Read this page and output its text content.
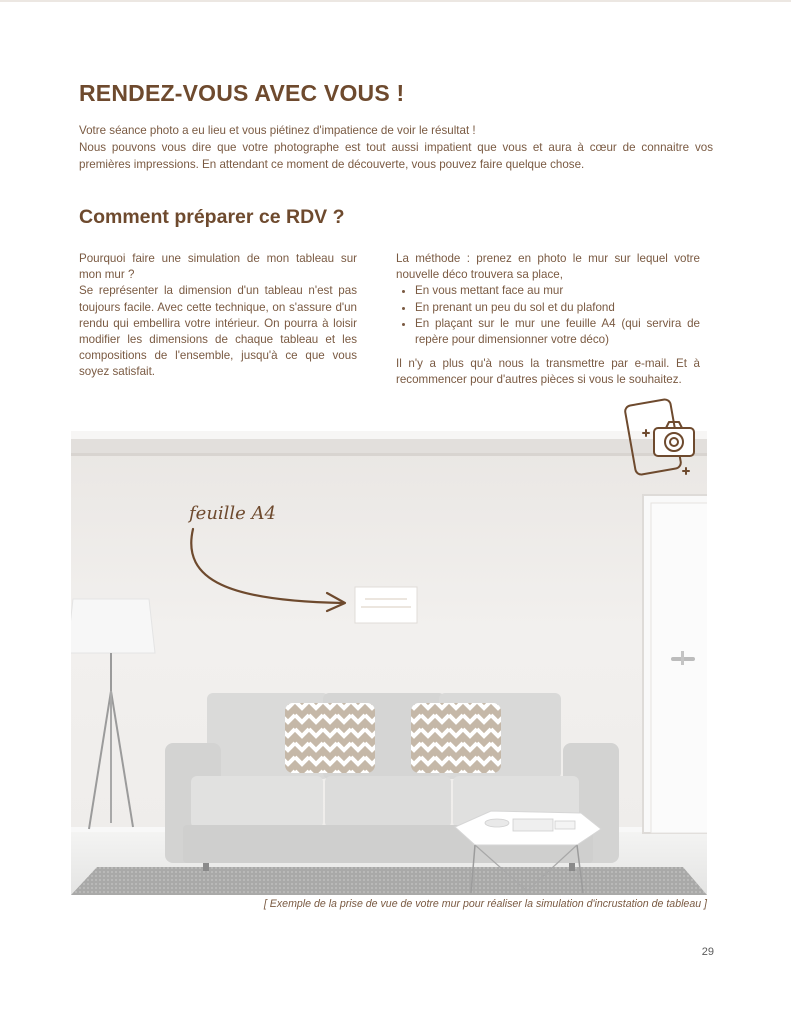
RENDEZ-VOUS AVEC VOUS !

Votre séance photo a eu lieu et vous piétinez d'impatience de voir le résultat !

Nous pouvons vous dire que votre photographe est tout aussi impatient que vous et aura à cœur de connaitre vos premières impressions. En attendant ce moment de découverte, vous pouvez faire quelque chose.

Comment préparer ce RDV ?

Pourquoi faire une simulation de mon tableau sur mon mur ?

Se représenter la dimension d'un tableau n'est pas toujours facile. Avec cette technique, on s'assure d'un rendu qui embellira votre intérieur. On pourra à loisir modifier les dimensions de chaque tableau et les compositions de l'ensemble, jusqu'à ce que vous soyez satisfait.

La méthode : prenez en photo le mur sur lequel votre nouvelle déco trouvera sa place,

• En vous mettant face au mur
• En prenant un peu du sol et du plafond
• En plaçant sur le mur une feuille A4 (qui servira de repère pour dimensionner votre déco)

Il n'y a plus qu'à nous la transmettre par e-mail. Et à recommencer pour d'autres pièces si vous le souhaitez.

feuille A4
[ Exemple de la prise de vue de votre mur pour réaliser la simulation d'incrustation de tableau ]
29
